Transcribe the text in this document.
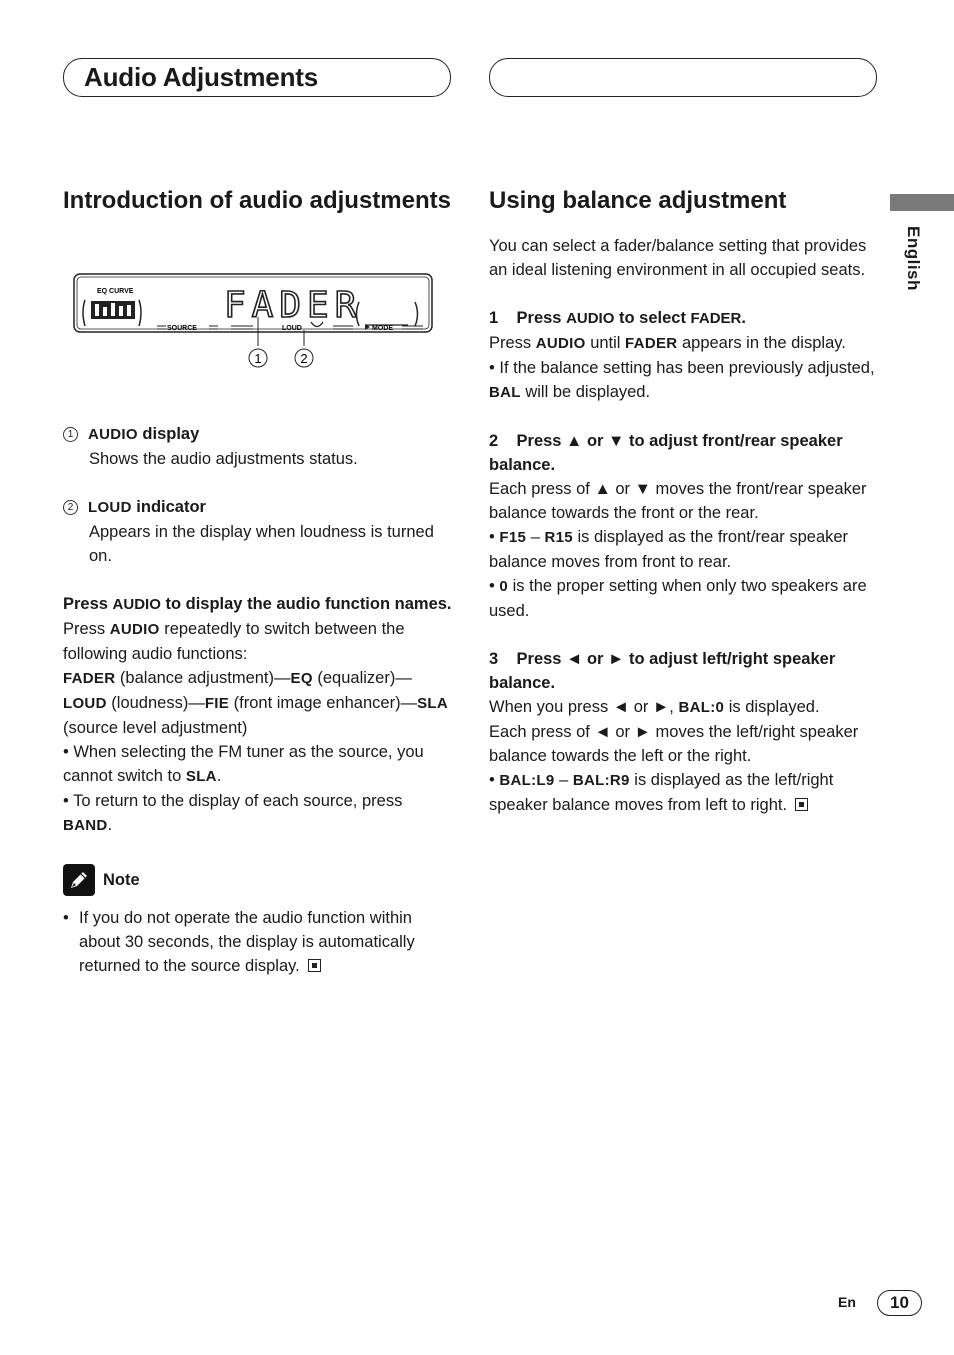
Audio Adjustments
English
Introduction of audio adjustments
EQ CURVE	FADER
SOURCE	LOUD	MODE
1	2

1 AUDIO display

Shows the audio adjustments status.

2 LOUD indicator

Appears in the display when loudness is turned on.

Press AUDIO to display the audio function names.

Press AUDIO repeatedly to switch between the following audio functions:
FADER (balance adjustment)—EQ (equalizer)— LOUD (loudness)—FIE (front image enhancer)—SLA (source level adjustment)

• When selecting the FM tuner as the source, you cannot switch to SLA.

• To return to the display of each source, press BAND.

Note
• If you do not operate the audio function within about 30 seconds, the display is automatically returned to the source display.
Using balance adjustment

You can select a fader/balance setting that provides an ideal listening environment in all occupied seats.

1    Press AUDIO to select FADER.

Press AUDIO until FADER appears in the display.

• If the balance setting has been previously adjusted, BAL will be displayed.

2    Press ▲ or ▼ to adjust front/rear speaker balance.

Each press of ▲ or ▼ moves the front/rear speaker balance towards the front or the rear.

• F15 – R15 is displayed as the front/rear speaker balance moves from front to rear.

• 0 is the proper setting when only two speakers are used.

3    Press ◄ or ► to adjust left/right speaker balance.

When you press ◄ or ►, BAL:0 is displayed.

Each press of ◄ or ► moves the left/right speaker balance towards the left or the right.

• BAL:L9 – BAL:R9 is displayed as the left/right speaker balance moves from left to right.

En	10
